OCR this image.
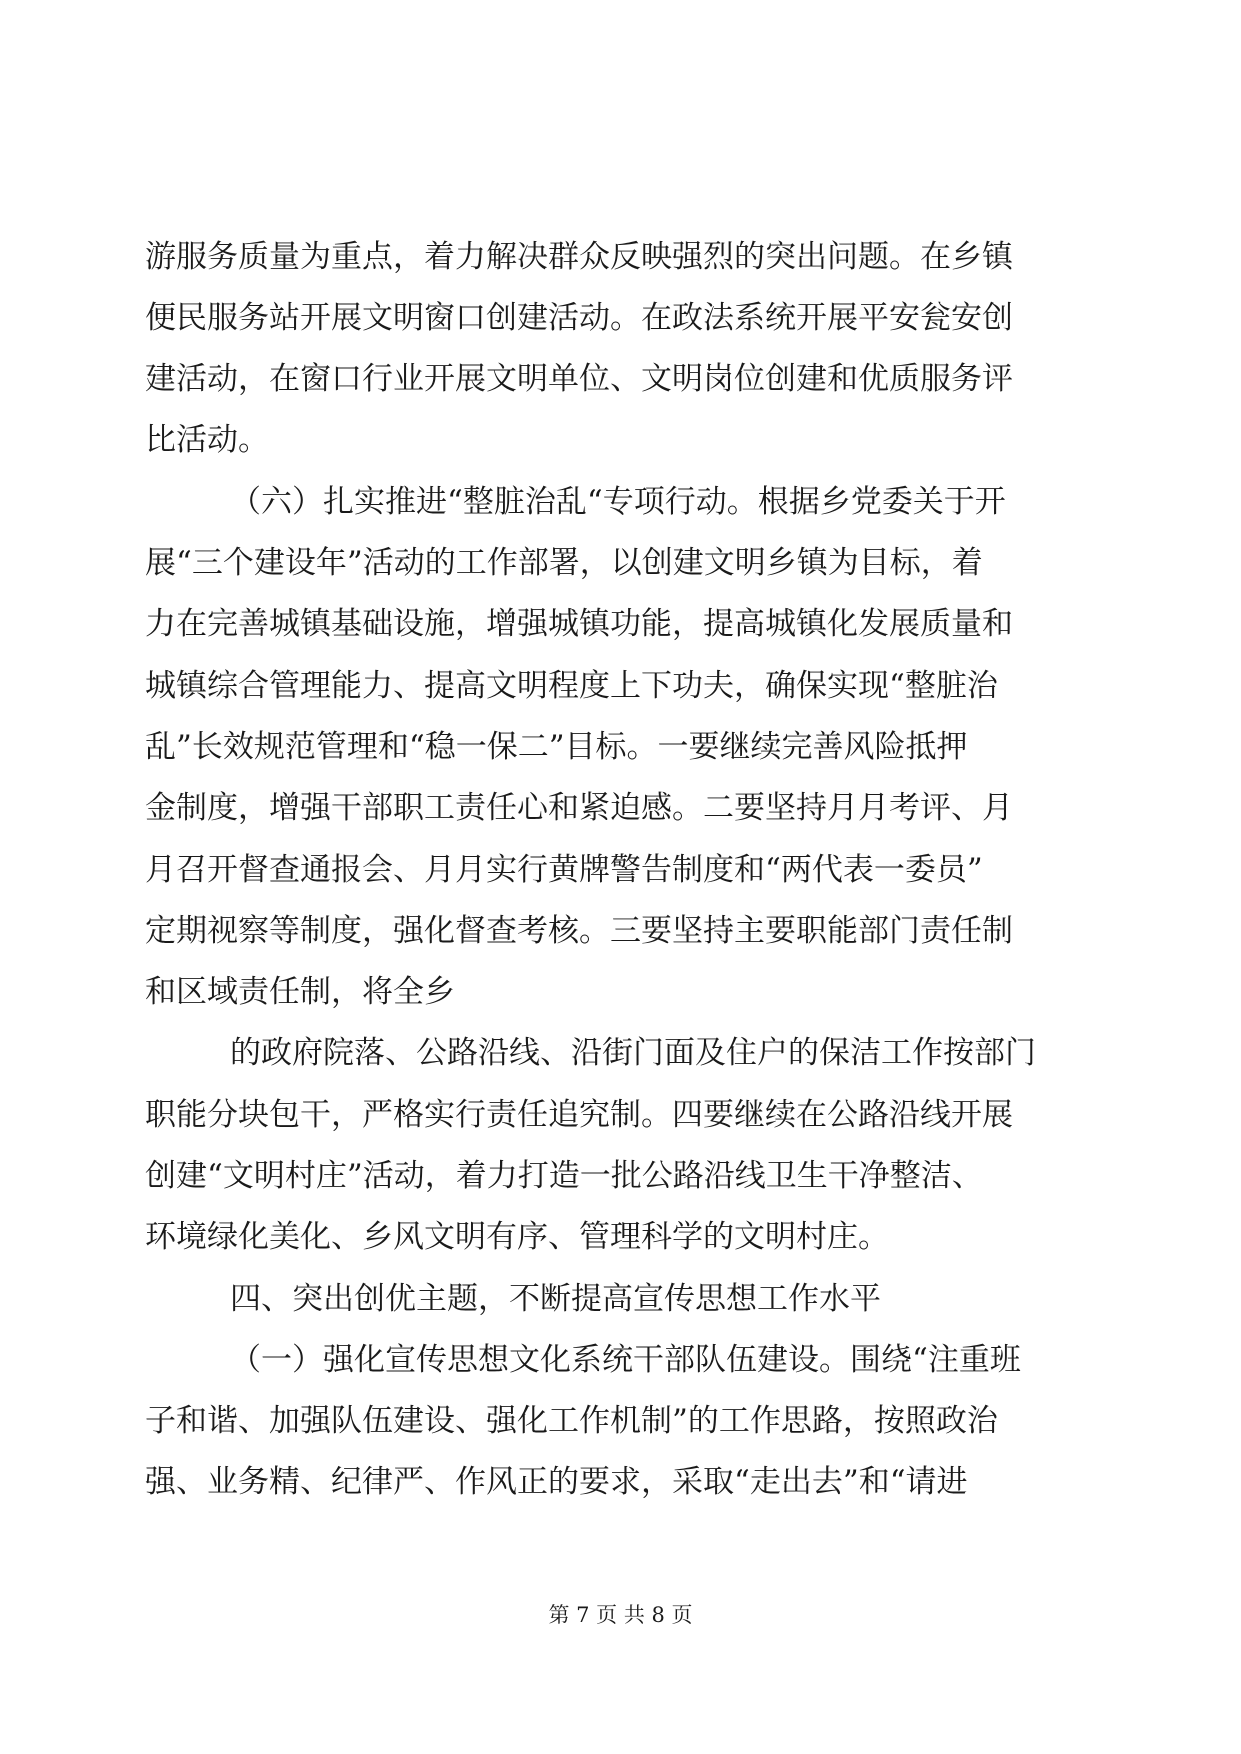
游服务质量为重点，着力解决群众反映强烈的突出问题。在乡镇
便民服务站开展文明窗口创建活动。在政法系统开展平安瓮安创
建活动，在窗口行业开展文明单位、文明岗位创建和优质服务评
比活动。
（六）扎实推进“整脏治乱“专项行动。根据乡党委关于开
展“三个建设年”活动的工作部署，以创建文明乡镇为目标，着
力在完善城镇基础设施，增强城镇功能，提高城镇化发展质量和
城镇综合管理能力、提高文明程度上下功夫，确保实现“整脏治
乱”长效规范管理和“稳一保二”目标。一要继续完善风险抵押
金制度，增强干部职工责任心和紧迫感。二要坚持月月考评、月
月召开督查通报会、月月实行黄牌警告制度和“两代表一委员”
定期视察等制度，强化督查考核。三要坚持主要职能部门责任制
和区域责任制，将全乡
的政府院落、公路沿线、沿街门面及住户的保洁工作按部门
职能分块包干，严格实行责任追究制。四要继续在公路沿线开展
创建“文明村庄”活动，着力打造一批公路沿线卫生干净整洁、
环境绿化美化、乡风文明有序、管理科学的文明村庄。
四、突出创优主题，不断提高宣传思想工作水平
（一）强化宣传思想文化系统干部队伍建设。围绕“注重班
子和谐、加强队伍建设、强化工作机制”的工作思路，按照政治
强、业务精、纪律严、作风正的要求，采取“走出去”和“请进
第 7 页 共 8 页
